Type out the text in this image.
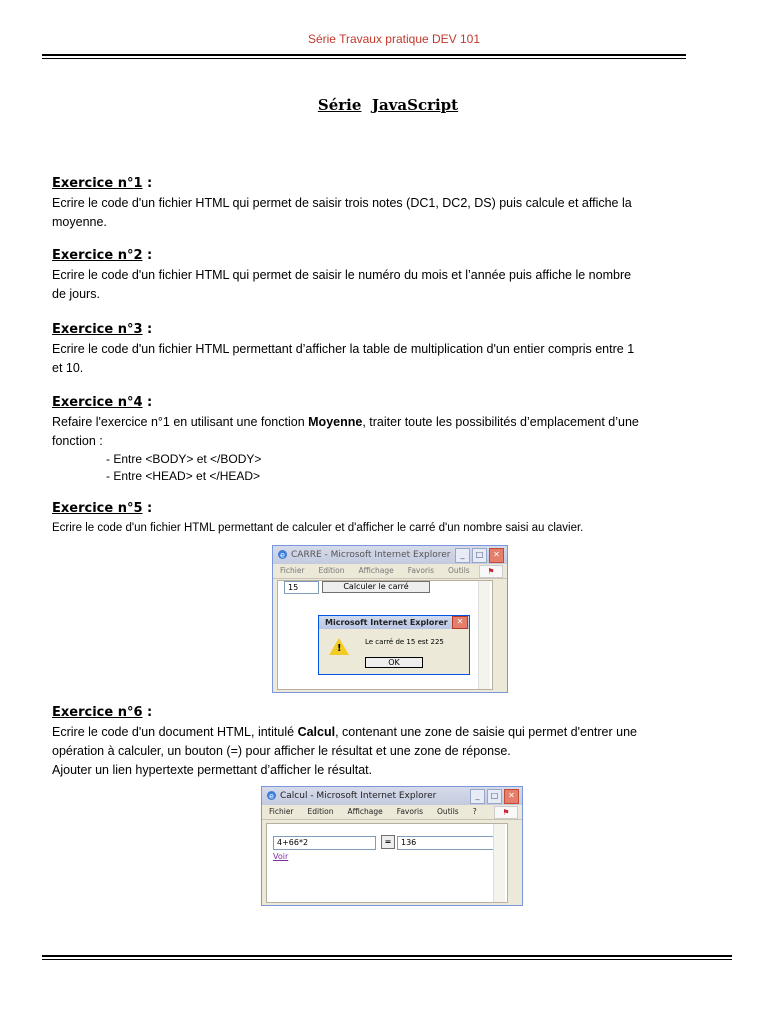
Série Travaux pratique DEV 101
Série JavaScript
Exercice n°1 :

Ecrire le code d'un fichier HTML qui permet de saisir trois notes (DC1, DC2, DS) puis calcule et affiche la

moyenne.

Exercice n°2 :

Ecrire le code d'un fichier HTML qui permet de saisir le numéro du mois et l’année puis affiche le nombre

de jours.

Exercice n°3 :

Ecrire le code d'un fichier HTML permettant d’afficher la table de multiplication d'un entier compris entre 1

et 10.

Exercice n°4 :

Refaire l'exercice n°1 en utilisant une fonction Moyenne, traiter toute les possibilités d’emplacement d’une

fonction :

- Entre <BODY> et </BODY>
- Entre <HEAD> et </HEAD>
Exercice n°5 :

Ecrire le code d'un fichier HTML permettant de calculer et d'afficher le carré d'un nombre saisi au clavier.

e CARRE - Microsoft Internet Explorer	_	□	✕
Fichier Edition Affichage Favoris Outils	⚑
15	Calculer le carré
Microsoft Internet Explorer	✕
!
Le carré de 15 est 225
OK
Exercice n°6 :

Ecrire le code d'un document HTML, intitulé Calcul, contenant une zone de saisie qui permet d'entrer une

opération à calculer, un bouton (=) pour afficher le résultat et une zone de réponse.

Ajouter un lien hypertexte permettant d’afficher le résultat.

e Calcul - Microsoft Internet Explorer	_	□	✕
Fichier Edition Affichage Favoris Outils ?	⚑
4+66*2	=	136
Voir
